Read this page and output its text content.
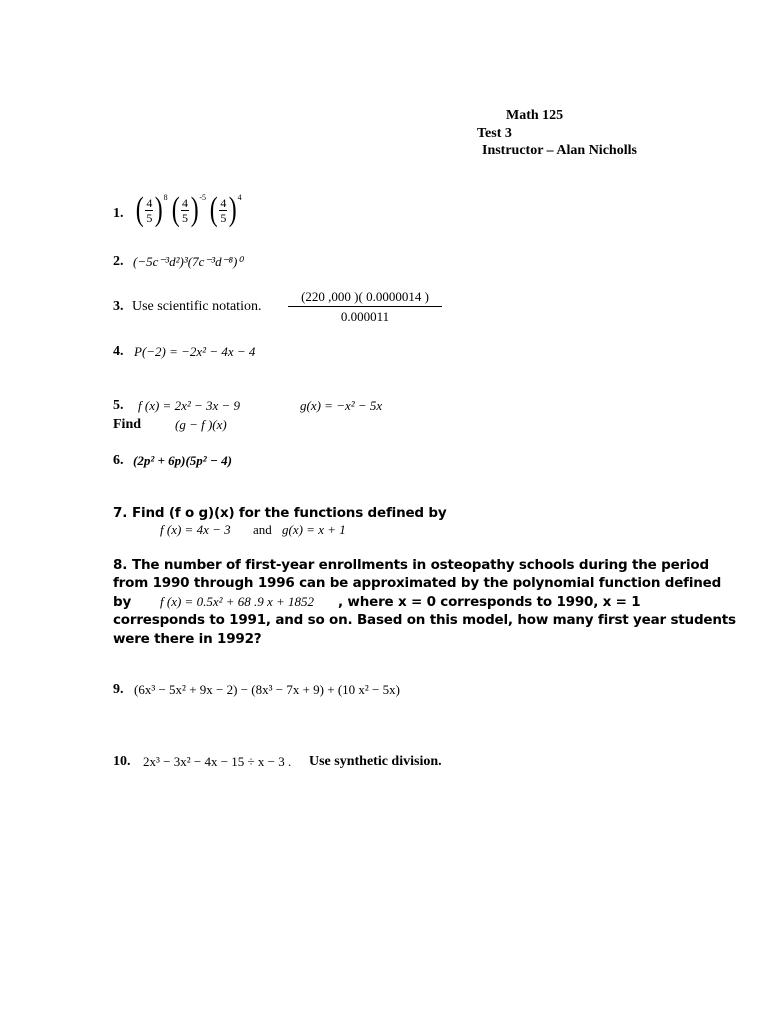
Math 125
Test 3
Instructor – Alan Nicholls
1. ( $\frac{4}{5}$ ) 8 ( $\frac{4}{5}$ ) -5 ( $\frac{4}{5}$ ) 4
2. (−5c⁻³d²)³(7c⁻³d⁻⁸)⁰
3. Use scientific notation. $\frac{(220 ,000 )( 0.0000014 )}{0.000011}$
4. P(−2) = −2x² − 4x − 4
5. f (x) = 2x² − 3x − 9	g(x) = −x² − 5x
Find	(g − f )(x)
6. (2p² + 6p)(5p² − 4)
7. Find (f o g)(x) for the functions defined by
f (x) = 4x − 3 and g(x) = x + 1
8. The number of first-year enrollments in osteopathy schools during the period
from 1990 through 1996 can be approximated by the polynomial function defined
by f (x) = 0.5x² + 68 .9 x + 1852 , where x = 0 corresponds to 1990, x = 1
corresponds to 1991, and so on. Based on this model, how many first year students
were there in 1992?
9. (6x³ − 5x² + 9x − 2) − (8x³ − 7x + 9) + (10 x² − 5x)
10. 2x³ − 3x² − 4x − 15 ÷ x − 3 . Use synthetic division.
